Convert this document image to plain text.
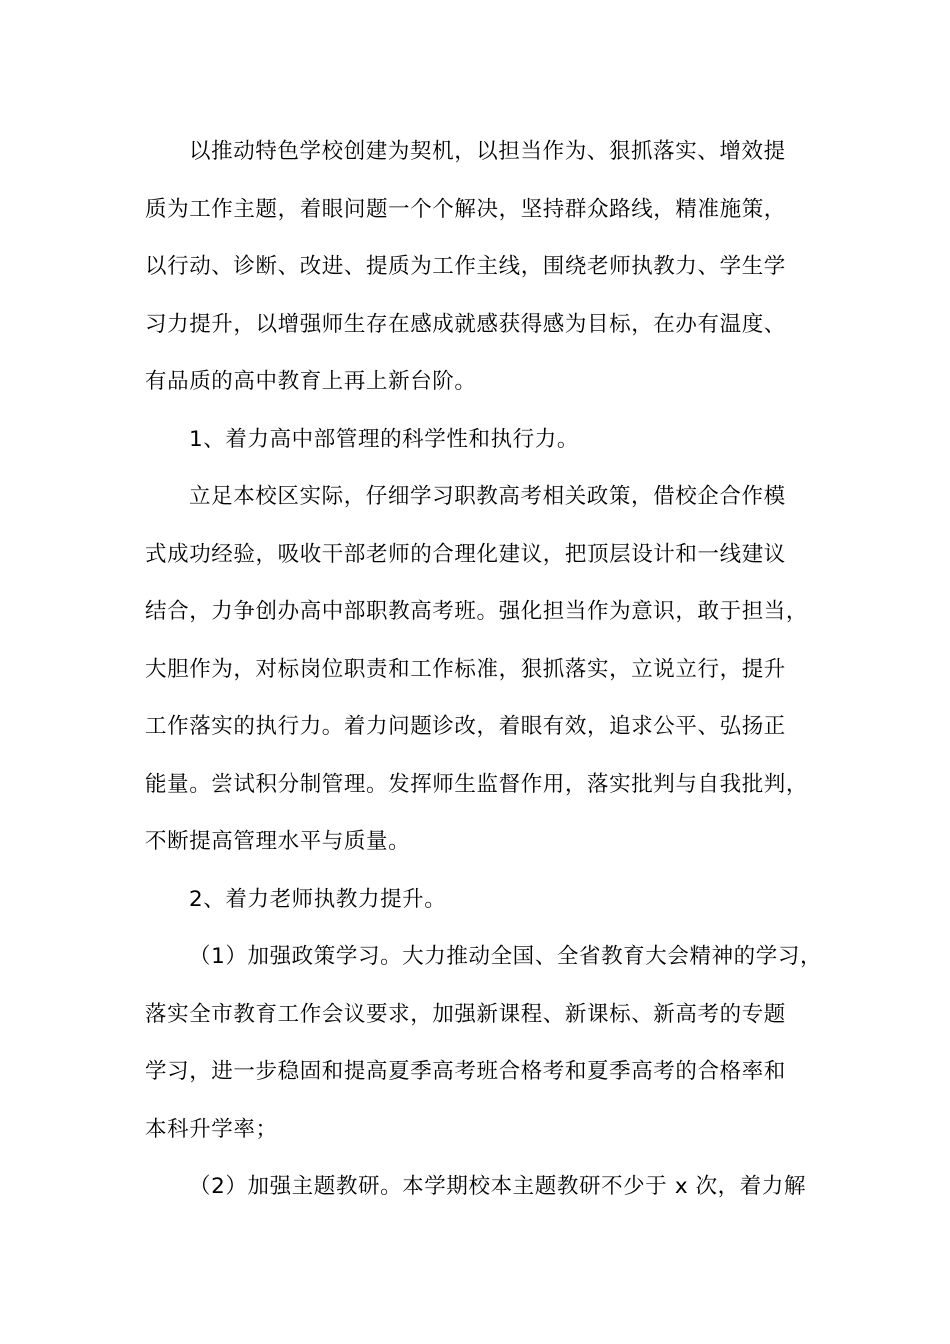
以推动特色学校创建为契机，以担当作为、狠抓落实、增效提
质为工作主题，着眼问题一个个解决，坚持群众路线，精准施策，
以行动、诊断、改进、提质为工作主线，围绕老师执教力、学生学
习力提升，以增强师生存在感成就感获得感为目标，在办有温度、
有品质的高中教育上再上新台阶。
1、着力高中部管理的科学性和执行力。
立足本校区实际，仔细学习职教高考相关政策，借校企合作模
式成功经验，吸收干部老师的合理化建议，把顶层设计和一线建议
结合，力争创办高中部职教高考班。强化担当作为意识，敢于担当，
大胆作为，对标岗位职责和工作标准，狠抓落实，立说立行，提升
工作落实的执行力。着力问题诊改，着眼有效，追求公平、弘扬正
能量。尝试积分制管理。发挥师生监督作用，落实批判与自我批判，
不断提高管理水平与质量。
2、着力老师执教力提升。
（1）加强政策学习。大力推动全国、全省教育大会精神的学习，
落实全市教育工作会议要求，加强新课程、新课标、新高考的专题
学习，进一步稳固和提高夏季高考班合格考和夏季高考的合格率和
本科升学率；
（2）加强主题教研。本学期校本主题教研不少于 x 次，着力解
